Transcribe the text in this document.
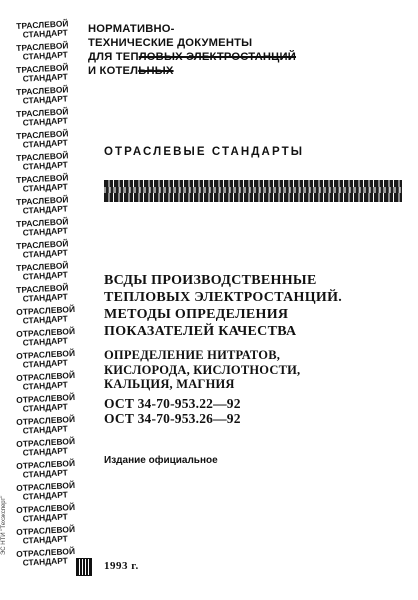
ТРАСЛЕВОЙ
СТАНДАРТ
ТРАСЛЕВОЙ
СТАНДАРТ
ТРАСЛЕВОЙ
СТАНДАРТ
ТРАСЛЕВОЙ
СТАНДАРТ
ТРАСЛЕВОЙ
СТАНДАРТ
ТРАСЛЕВОЙ
СТАНДАРТ
ТРАСЛЕВОЙ
СТАНДАРТ
ТРАСЛЕВОЙ
СТАНДАРТ
ТРАСЛЕВОЙ
СТАНДАРТ
ТРАСЛЕВОЙ
СТАНДАРТ
ТРАСЛЕВОЙ
СТАНДАРТ
ТРАСЛЕВОЙ
СТАНДАРТ
ТРАСЛЕВОЙ
СТАНДАРТ
ОТРАСЛЕВОЙ
СТАНДАРТ
ОТРАСЛЕВОЙ
СТАНДАРТ
ОТРАСЛЕВОЙ
СТАНДАРТ
ОТРАСЛЕВОЙ
СТАНДАРТ
ОТРАСЛЕВОЙ
СТАНДАРТ
ОТРАСЛЕВОЙ
СТАНДАРТ
ОТРАСЛЕВОЙ
СТАНДАРТ
ОТРАСЛЕВОЙ
СТАНДАРТ
ОТРАСЛЕВОЙ
СТАНДАРТ
ОТРАСЛЕВОЙ
СТАНДАРТ
ОТРАСЛЕВОЙ
СТАНДАРТ
ОТРАСЛЕВОЙ
СТАНДАРТ
ЭС НТИ "Техэксперт"
НОРМАТИВНО-
ТЕХНИЧЕСКИЕ ДОКУМЕНТЫ
ДЛЯ ТЕПЛОВЫХ ЭЛЕКТРОСТАНЦИЙ
И КОТЕЛЬНЫХ
ОТРАСЛЕВЫЕ СТАНДАРТЫ
ВСДЫ ПРОИЗВОДСТВЕННЫЕ
ТЕПЛОВЫХ ЭЛЕКТРОСТАНЦИЙ.
МЕТОДЫ ОПРЕДЕЛЕНИЯ
ПОКАЗАТЕЛЕЙ КАЧЕСТВА
ОПРЕДЕЛЕНИЕ НИТРАТОВ,
КИСЛОРОДА, КИСЛОТНОСТИ,
КАЛЬЦИЯ, МАГНИЯ
ОСТ 34-70-953.22—92
ОСТ 34-70-953.26—92
Издание официальное
1993 г.
